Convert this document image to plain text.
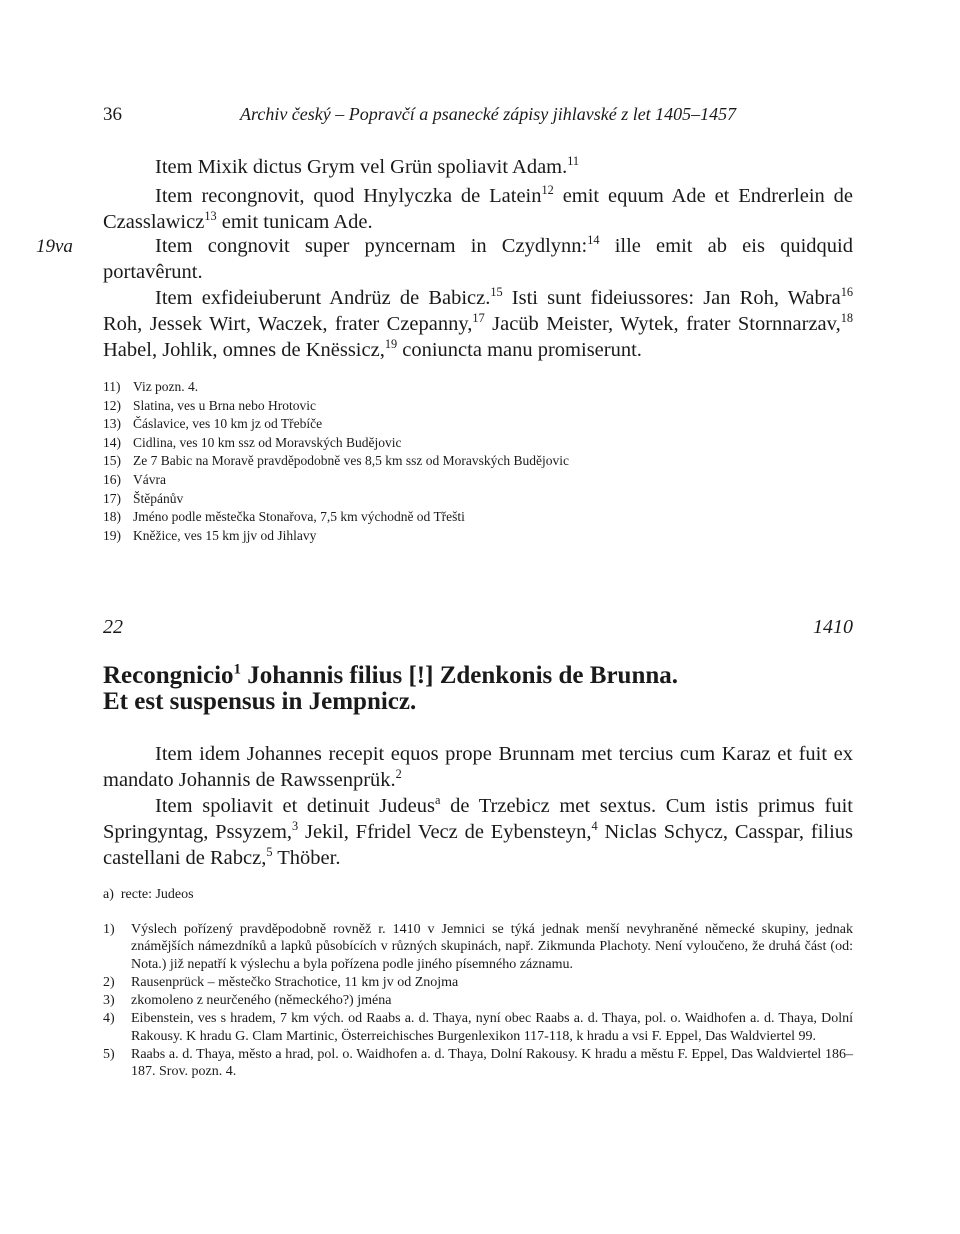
36	Archiv český – Popravčí a psanecké zápisy jihlavské z let 1405–1457
19va

Item Mixik dictus Grym vel Grün spoliavit Adam.$^{11}$

Item recongnovit, quod Hnylyczka de Latein$^{12}$ emit equum Ade et Endrerlein de Czasslawicz$^{13}$ emit tunicam Ade.

Item congnovit super pyncernam in Czydlynn:$^{14}$ ille emit ab eis quidquid portavêrunt.

Item exfideiuberunt Andrüz de Babicz.$^{15}$ Isti sunt fideiussores: Jan Roh, Wabra$^{16}$ Roh, Jessek Wirt, Waczek, frater Czepanny,$^{17}$ Jacüb Meister, Wytek, frater Stornnarzav,$^{18}$ Habel, Johlik, omnes de Knëssicz,$^{19}$ coniuncta manu promiserunt.

11) Viz pozn. 4.
12) Slatina, ves u Brna nebo Hrotovic
13) Čáslavice, ves 10 km jz od Třebíče
14) Cidlina, ves 10 km ssz od Moravských Budějovic
15) Ze 7 Babic na Moravě pravděpodobně ves 8,5 km ssz od Moravských Budějovic
16) Vávra
17) Štěpánův
18) Jméno podle městečka Stonařova, 7,5 km východně od Třešti
19) Kněžice, ves 15 km jjv od Jihlavy
22	1410
Recongnicio$^1$ Johannis filius [!] Zdenkonis de Brunna.
Et est suspensus in Jempnicz.

Item idem Johannes recepit equos prope Brunnam met tercius cum Karaz et fuit ex mandato Johannis de Rawssenprük.$^2$

Item spoliavit et detinuit Judeus$^a$ de Trzebicz met sextus. Cum istis primus fuit Springyntag, Pssyzem,$^3$ Jekil, Ffridel Vecz de Eybensteyn,$^4$ Niclas Schycz, Casspar, filius castellani de Rabcz,$^5$ Thöber.

a) recte: Judeos
1)	Výslech pořízený pravděpodobně rovněž r. 1410 v Jemnici se týká jednak menší nevyhraněné německé skupiny, jednak známějších námezdníků a lapků působících v různých skupinách, např. Zikmunda Plachoty. Není vyloučeno, že druhá část (od: Nota.) již nepatří k výslechu a byla pořízena podle jiného písemného záznamu.
2)	Rausenprück – městečko Strachotice, 11 km jv od Znojma
3)	zkomoleno z neurčeného (německého?) jména
4)	Eibenstein, ves s hradem, 7 km vých. od Raabs a. d. Thaya, nyní obec Raabs a. d. Thaya, pol. o. Waidhofen a. d. Thaya, Dolní Rakousy. K hradu G. Clam Martinic, Österreichisches Burgenlexikon 117-118, k hradu a vsi F. Eppel, Das Waldviertel 99.
5)	Raabs a. d. Thaya, město a hrad, pol. o. Waidhofen a. d. Thaya, Dolní Rakousy. K hradu a městu F. Eppel, Das Waldviertel 186–187. Srov. pozn. 4.
